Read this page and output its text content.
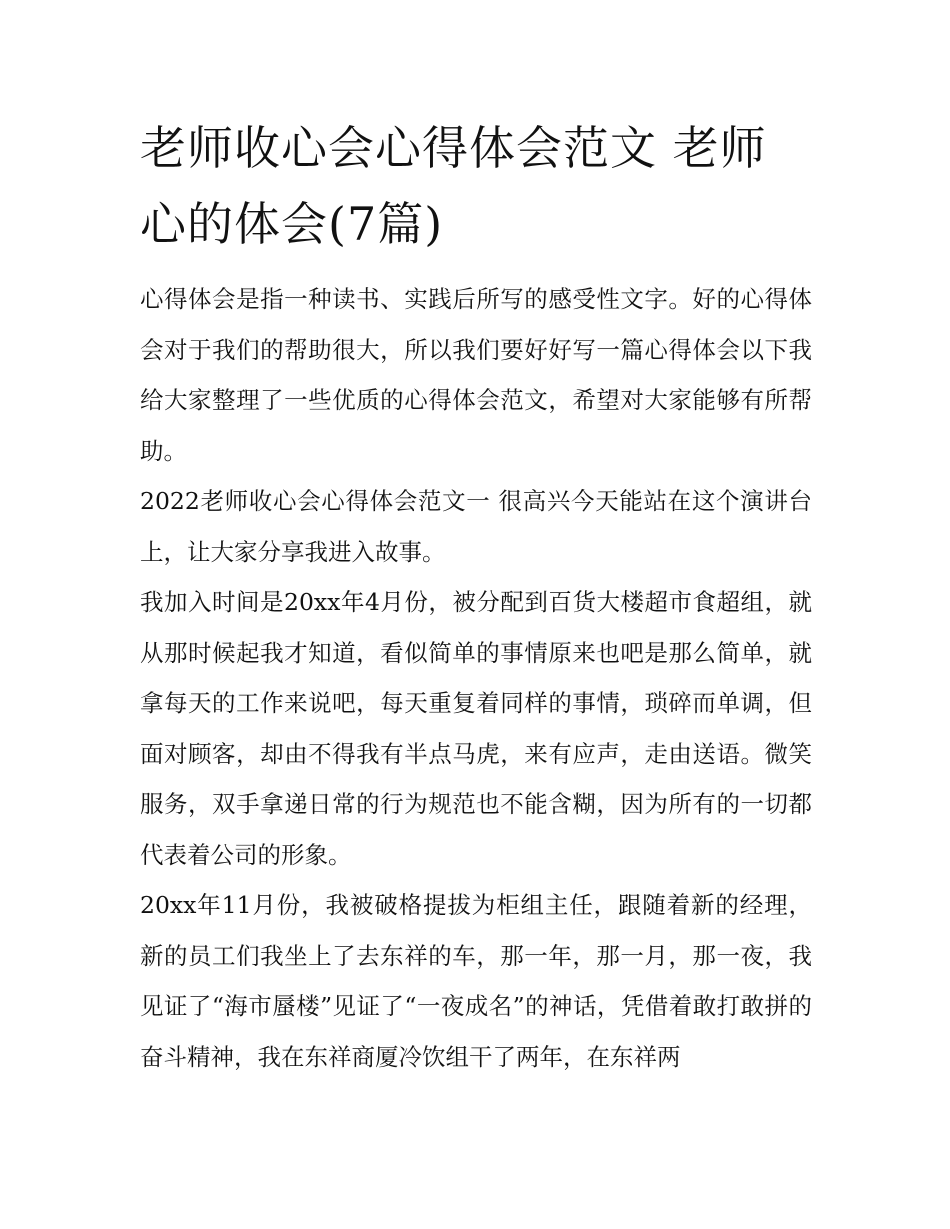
老师收心会心得体会范文 老师心的体会(7篇)

心得体会是指一种读书、实践后所写的感受性文字。好的心得体会对于我们的帮助很大，所以我们要好好写一篇心得体会以下我给大家整理了一些优质的心得体会范文，希望对大家能够有所帮助。

2022老师收心会心得体会范文一 很高兴今天能站在这个演讲台上，让大家分享我进入故事。

我加入时间是20xx年4月份，被分配到百货大楼超市食超组，就从那时候起我才知道，看似简单的事情原来也吧是那么简单，就拿每天的工作来说吧，每天重复着同样的事情，琐碎而单调，但面对顾客，却由不得我有半点马虎，来有应声，走由送语。微笑服务，双手拿递日常的行为规范也不能含糊，因为所有的一切都代表着公司的形象。

20xx年11月份，我被破格提拔为柜组主任，跟随着新的经理，新的员工们我坐上了去东祥的车，那一年，那一月，那一夜，我见证了“海市蜃楼”见证了“一夜成名”的神话，凭借着敢打敢拼的奋斗精神，我在东祥商厦冷饮组干了两年，在东祥两
